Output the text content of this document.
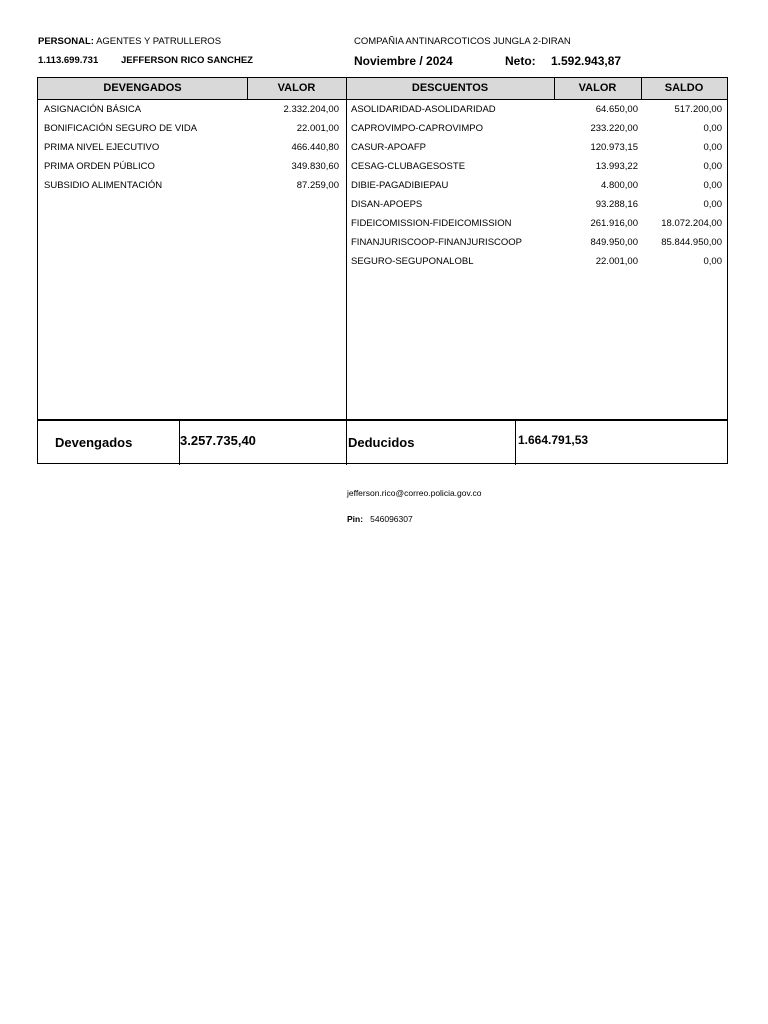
PERSONAL: AGENTES Y PATRULLEROS	COMPAÑIA ANTINARCOTICOS JUNGLA 2-DIRAN
1.113.699.731 JEFFERSON RICO SANCHEZ	Noviembre / 2024	Neto: 1.592.943,87
DEVENGADOS	VALOR	DESCUENTOS	VALOR	SALDO
ASIGNACIÓN BÁSICA	2.332.204,00
BONIFICACIÓN SEGURO DE VIDA	22.001,00
PRIMA NIVEL EJECUTIVO	466.440,80
PRIMA ORDEN PÚBLICO	349.830,60
SUBSIDIO ALIMENTACIÓN	87.259,00
ASOLIDARIDAD-ASOLIDARIDAD	64.650,00	517.200,00
CAPROVIMPO-CAPROVIMPO	233.220,00	0,00
CASUR-APOAFP	120.973,15	0,00
CESAG-CLUBAGESOSTE	13.993,22	0,00
DIBIE-PAGADIBIEPAU	4.800,00	0,00
DISAN-APOEPS	93.288,16	0,00
FIDEICOMISSION-FIDEICOMISSION	261.916,00 18.072.204,00
FINANJURISCOOP-FINANJURISCOOP	849.950,00 85.844.950,00
SEGURO-SEGUPONALOBL	22.001,00	0,00
Devengados	3.257.735,40	Deducidos	1.664.791,53
jefferson.rico@correo.policia.gov.co
Pin: 546096307
